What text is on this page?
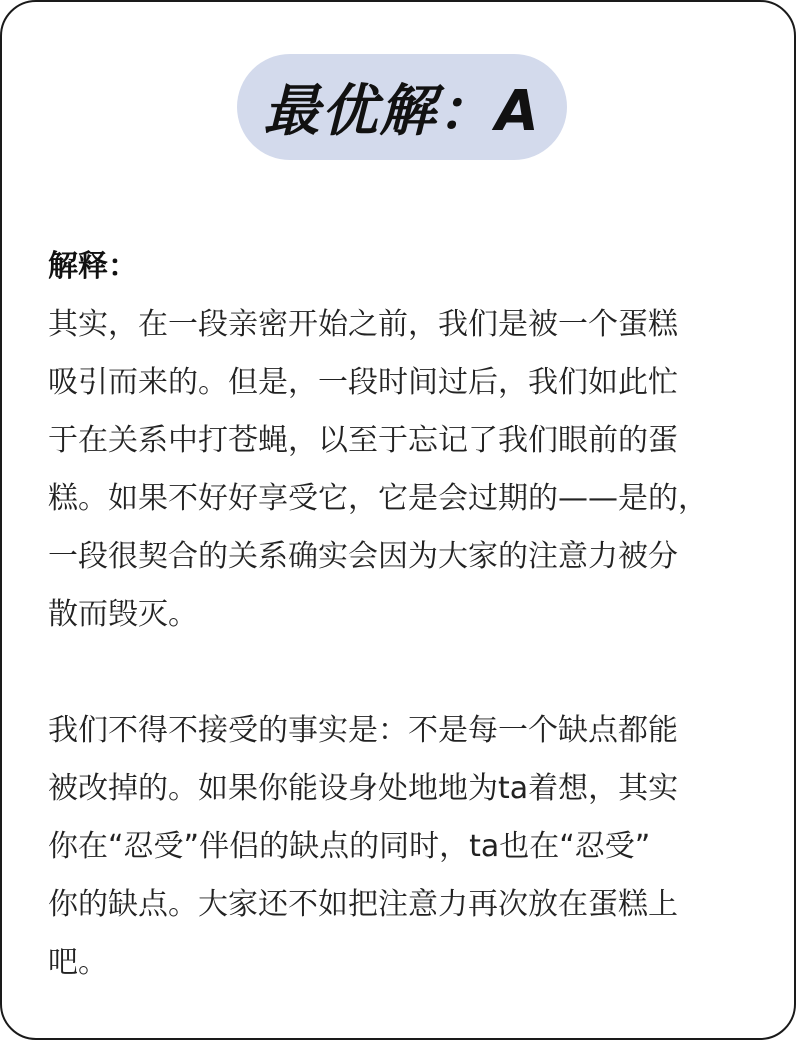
最优解：A

解释：

其实，在一段亲密开始之前，我们是被一个蛋糕

吸引而来的。但是，一段时间过后，我们如此忙

于在关系中打苍蝇，以至于忘记了我们眼前的蛋

糕。如果不好好享受它，它是会过期的——是的，

一段很契合的关系确实会因为大家的注意力被分

散而毁灭。

我们不得不接受的事实是：不是每一个缺点都能

被改掉的。如果你能设身处地地为ta着想，其实

你在“忍受”伴侣的缺点的同时，ta也在“忍受”

你的缺点。大家还不如把注意力再次放在蛋糕上

吧。
